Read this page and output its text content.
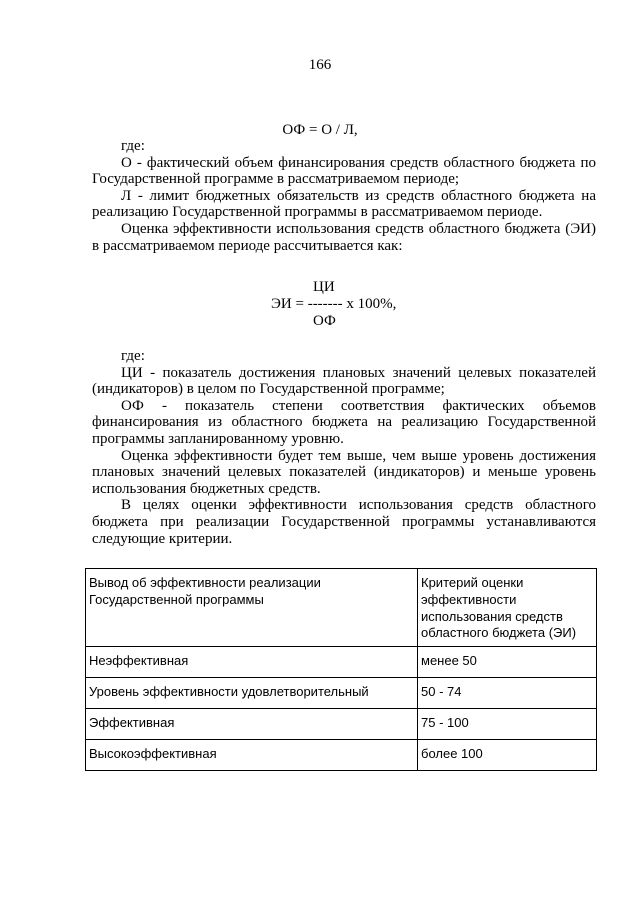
166
ОФ = О / Л,

где:

О - фактический объем финансирования средств областного бюджета по Государственной программе в рассматриваемом периоде;

Л - лимит бюджетных обязательств из средств областного бюджета на реализацию Государственной программы в рассматриваемом периоде.

Оценка эффективности использования средств областного бюджета (ЭИ) в рассматриваемом периоде рассчитывается как:

ЦИ
ЭИ = ------- х 100%,
ОФ

где:

ЦИ - показатель достижения плановых значений целевых показателей (индикаторов) в целом по Государственной программе;

ОФ - показатель степени соответствия фактических объемов финансирования из областного бюджета на реализацию Государственной программы запланированному уровню.

Оценка эффективности будет тем выше, чем выше уровень достижения плановых значений целевых показателей (индикаторов) и меньше уровень использования бюджетных средств.

В целях оценки эффективности использования средств областного бюджета при реализации Государственной программы устанавливаются следующие критерии.

Вывод об эффективности реализации Государственной программы	Критерий оценки эффективности использования средств областного бюджета (ЭИ)
Неэффективная	менее 50
Уровень эффективности удовлетворительный	50 - 74
Эффективная	75 - 100
Высокоэффективная	более 100
